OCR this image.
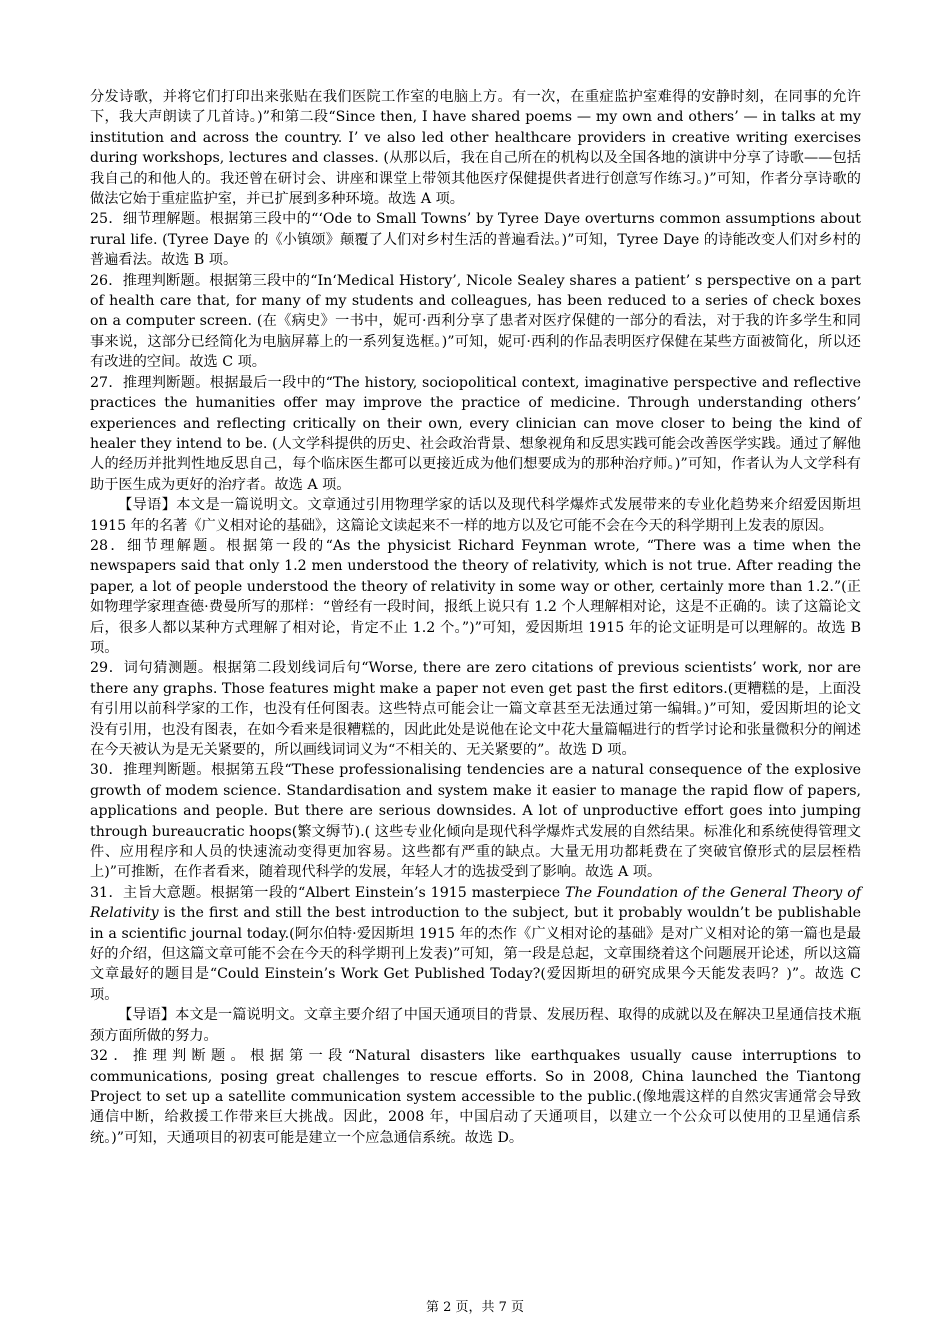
分发诗歌，并将它们打印出来张贴在我们医院工作室的电脑上方。有一次，在重症监护室难得的安静时刻，在同事的允许下，我大声朗读了几首诗。)”和第二段“Since then, I have shared poems — my own and others’ — in talks at my institution and across the country. I’ ve also led other healthcare providers in creative writing exercises during workshops, lectures and classes. (从那以后，我在自己所在的机构以及全国各地的演讲中分享了诗歌——包括我自己的和他人的。我还曾在研讨会、讲座和课堂上带领其他医疗保健提供者进行创意写作练习。)”可知，作者分享诗歌的做法它始于重症监护室，并已扩展到多种环境。故选 A 项。

25．细节理解题。根据第三段中的“‘Ode to Small Towns’ by Tyree Daye overturns common assumptions about rural life. (Tyree Daye 的《小镇颂》颠覆了人们对乡村生活的普遍看法。)”可知，Tyree Daye 的诗能改变人们对乡村的普遍看法。故选 B 项。

26．推理判断题。根据第三段中的“In‘Medical History’, Nicole Sealey shares a patient’ s perspective on a part of health care that, for many of my students and colleagues, has been reduced to a series of check boxes on a computer screen. (在《病史》一书中，妮可·西利分享了患者对医疗保健的一部分的看法，对于我的许多学生和同事来说，这部分已经简化为电脑屏幕上的一系列复选框。)”可知，妮可·西利的作品表明医疗保健在某些方面被简化，所以还有改进的空间。故选 C 项。

27．推理判断题。根据最后一段中的“The history, sociopolitical context, imaginative perspective and reflective practices the humanities offer may improve the practice of medicine. Through understanding others’ experiences and reflecting critically on their own, every clinician can move closer to being the kind of healer they intend to be. (人文学科提供的历史、社会政治背景、想象视角和反思实践可能会改善医学实践。通过了解他人的经历并批判性地反思自己，每个临床医生都可以更接近成为他们想要成为的那种治疗师。)”可知，作者认为人文学科有助于医生成为更好的治疗者。故选 A 项。

【导语】本文是一篇说明文。文章通过引用物理学家的话以及现代科学爆炸式发展带来的专业化趋势来介绍爱因斯坦 1915 年的名著《广义相对论的基础》，这篇论文读起来不一样的地方以及它可能不会在今天的科学期刊上发表的原因。

28．细节理解题。根据第一段的“As the physicist Richard Feynman wrote, “There was a time when the newspapers said that only 1.2 men understood the theory of relativity, which is not true. After reading the paper, a lot of people understood the theory of relativity in some way or other, certainly more than 1.2.”(正如物理学家理查德·费曼所写的那样：“曾经有一段时间，报纸上说只有 1.2 个人理解相对论，这是不正确的。读了这篇论文后，很多人都以某种方式理解了相对论，肯定不止 1.2 个。”)”可知，爱因斯坦 1915 年的论文证明是可以理解的。故选 B 项。

29．词句猜测题。根据第二段划线词后句“Worse, there are zero citations of previous scientists’ work, nor are there any graphs. Those features might make a paper not even get past the first editors.(更糟糕的是，上面没有引用以前科学家的工作，也没有任何图表。这些特点可能会让一篇文章甚至无法通过第一编辑。)”可知，爱因斯坦的论文没有引用，也没有图表，在如今看来是很糟糕的，因此此处是说他在论文中花大量篇幅进行的哲学讨论和张量微积分的阐述在今天被认为是无关紧要的，所以画线词词义为“不相关的、无关紧要的”。故选 D 项。

30．推理判断题。根据第五段“These professionalising tendencies are a natural consequence of the explosive growth of modem science. Standardisation and system make it easier to manage the rapid flow of papers, applications and people. But there are serious downsides. A lot of unproductive effort goes into jumping through bureaucratic hoops(繁文缛节).( 这些专业化倾向是现代科学爆炸式发展的自然结果。标准化和系统使得管理文件、应用程序和人员的快速流动变得更加容易。这些都有严重的缺点。大量无用功都耗费在了突破官僚形式的层层桎梏上)”可推断，在作者看来，随着现代科学的发展，年轻人才的选拔受到了影响。故选 A 项。

31．主旨大意题。根据第一段的“Albert Einstein’s 1915 masterpiece The Foundation of the General Theory of Relativity is the first and still the best introduction to the subject, but it probably wouldn’t be publishable in a scientific journal today.(阿尔伯特·爱因斯坦 1915 年的杰作《广义相对论的基础》是对广义相对论的第一篇也是最好的介绍，但这篇文章可能不会在今天的科学期刊上发表)”可知，第一段是总起，文章围绕着这个问题展开论述，所以这篇文章最好的题目是“Could Einstein’s Work Get Published Today?(爱因斯坦的研究成果今天能发表吗？)”。故选 C 项。

【导语】本文是一篇说明文。文章主要介绍了中国天通项目的背景、发展历程、取得的成就以及在解决卫星通信技术瓶颈方面所做的努力。

32．推理判断题。根据第一段“Natural disasters like earthquakes usually cause interruptions to communications, posing great challenges to rescue efforts. So in 2008, China launched the Tiantong Project to set up a satellite communication system accessible to the public.(像地震这样的自然灾害通常会导致通信中断，给救援工作带来巨大挑战。因此，2008 年，中国启动了天通项目，以建立一个公众可以使用的卫星通信系统。)”可知，天通项目的初衷可能是建立一个应急通信系统。故选 D。

第 2 页，共 7 页
